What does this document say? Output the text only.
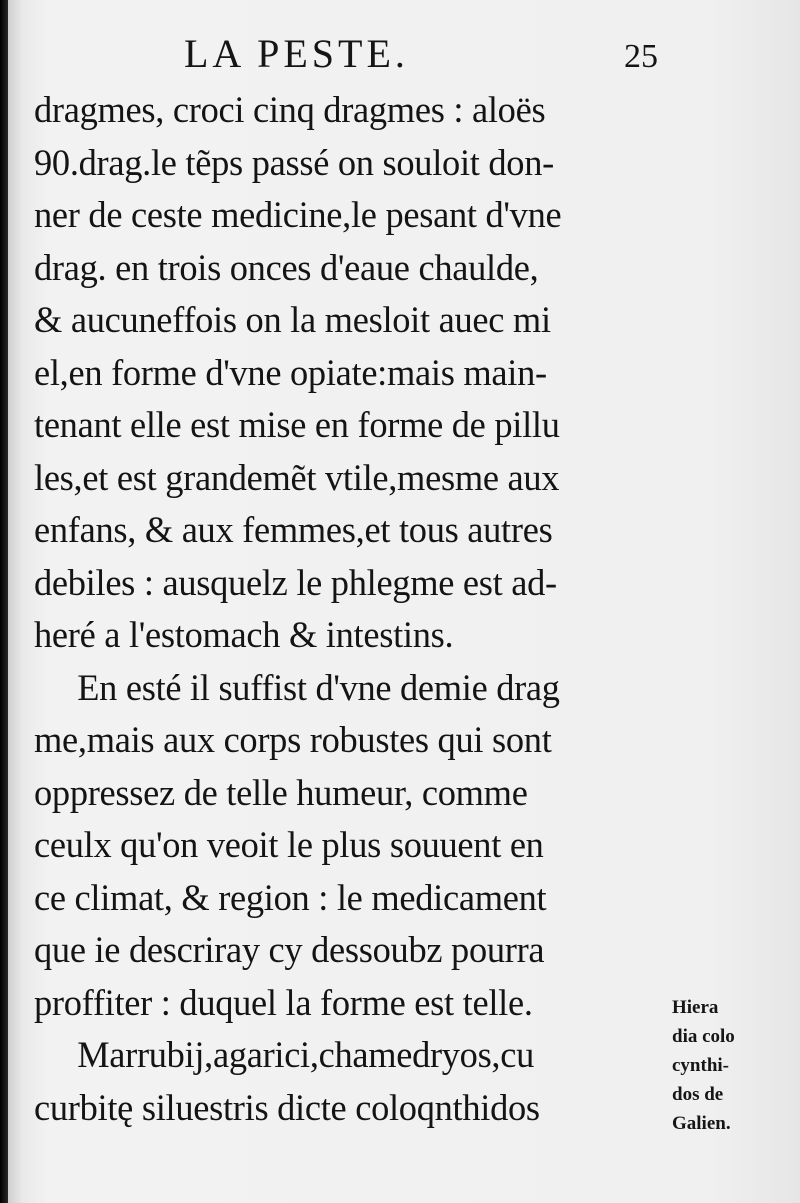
LA PESTE.	25
dragmes, croci cinq dragmes : aloës
90.drag.le tẽps passé on souloit don-
ner de ceste medicine,le pesant d'vne
drag. en trois onces d'eaue chaulde,
& aucuneffois on la mesloit auec mi
el,en forme d'vne opiate:mais main-
tenant elle est mise en forme de pillu
les,et est grandemẽt vtile,mesme aux
enfans, & aux femmes,et tous autres
debiles : ausquelz le phlegme est ad-
heré a l'estomach & intestins.
En esté il suffist d'vne demie drag
me,mais aux corps robustes qui sont
oppressez de telle humeur, comme
ceulx qu'on veoit le plus souuent en
ce climat, & region : le medicament
que ie descriray cy dessoubz pourra
proffiter : duquel la forme est telle.
Marrubij,agarici,chamedryos,cu
curbitę siluestris dicte coloqnthidos
Hiera
dia colo
cynthi-
dos de
Galien.
